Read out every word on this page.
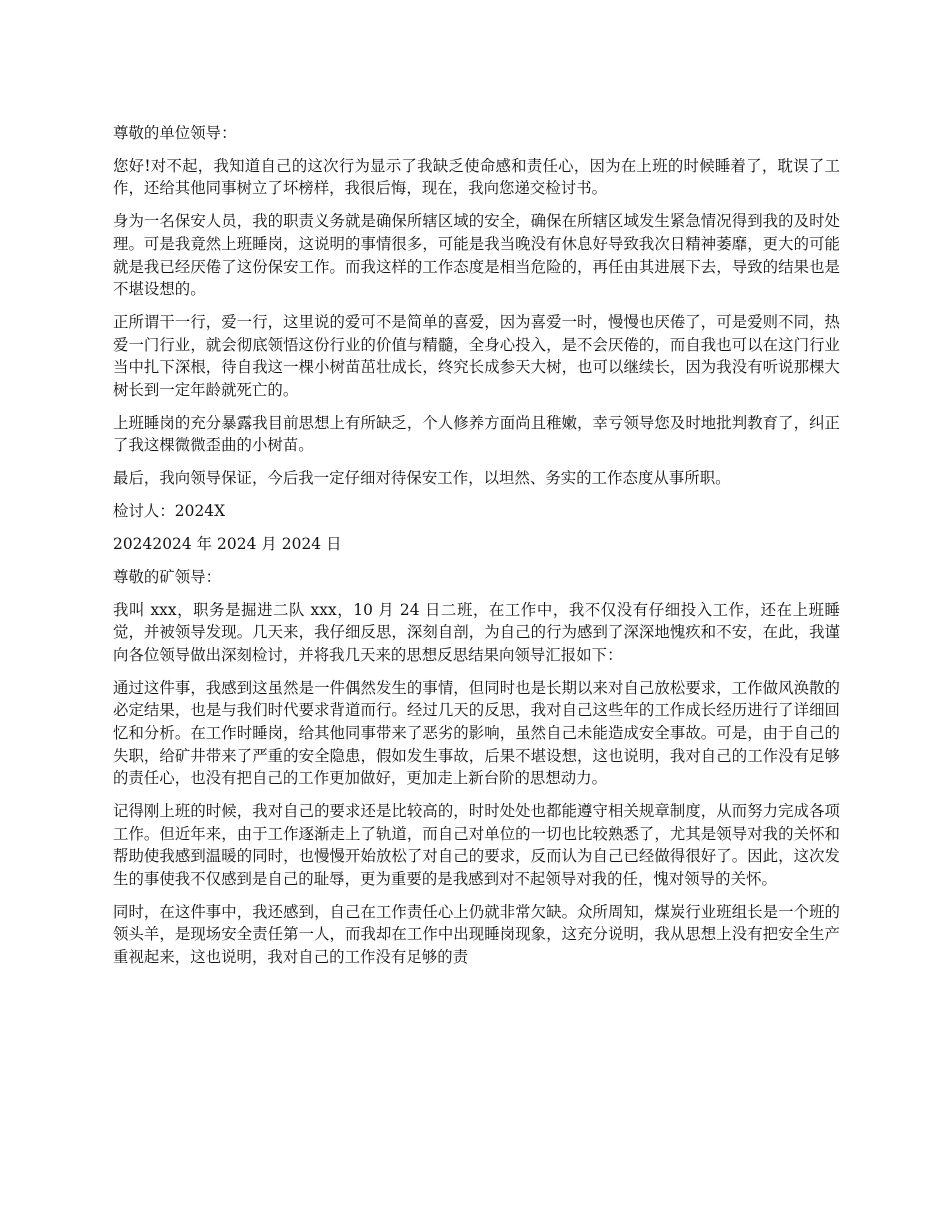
尊敬的单位领导：

您好!对不起，我知道自己的这次行为显示了我缺乏使命感和责任心，因为在上班的时候睡着了，耽误了工作，还给其他同事树立了坏榜样，我很后悔，现在，我向您递交检讨书。

身为一名保安人员，我的职责义务就是确保所辖区域的安全，确保在所辖区域发生紧急情况得到我的及时处理。可是我竟然上班睡岗，这说明的事情很多，可能是我当晚没有休息好导致我次日精神萎靡，更大的可能就是我已经厌倦了这份保安工作。而我这样的工作态度是相当危险的，再任由其进展下去，导致的结果也是不堪设想的。

正所谓干一行，爱一行，这里说的爱可不是简单的喜爱，因为喜爱一时，慢慢也厌倦了，可是爱则不同，热爱一门行业，就会彻底领悟这份行业的价值与精髓，全身心投入，是不会厌倦的，而自我也可以在这门行业当中扎下深根，待自我这一棵小树苗茁壮成长，终究长成参天大树，也可以继续长，因为我没有听说那棵大树长到一定年龄就死亡的。

上班睡岗的充分暴露我目前思想上有所缺乏，个人修养方面尚且稚嫩，幸亏领导您及时地批判教育了，纠正了我这棵微微歪曲的小树苗。

最后，我向领导保证，今后我一定仔细对待保安工作，以坦然、务实的工作态度从事所职。

检讨人：2024X

20242024 年 2024 月 2024 日

尊敬的矿领导：

我叫 xxx，职务是掘进二队 xxx，10 月 24 日二班，在工作中，我不仅没有仔细投入工作，还在上班睡觉，并被领导发现。几天来，我仔细反思，深刻自剖，为自己的行为感到了深深地愧疚和不安，在此，我谨向各位领导做出深刻检讨，并将我几天来的思想反思结果向领导汇报如下：

通过这件事，我感到这虽然是一件偶然发生的事情，但同时也是长期以来对自己放松要求，工作做风涣散的必定结果，也是与我们时代要求背道而行。经过几天的反思，我对自己这些年的工作成长经历进行了详细回忆和分析。在工作时睡岗，给其他同事带来了恶劣的影响，虽然自己未能造成安全事故。可是，由于自己的失职，给矿井带来了严重的安全隐患，假如发生事故，后果不堪设想，这也说明，我对自己的工作没有足够的责任心，也没有把自己的工作更加做好，更加走上新台阶的思想动力。

记得刚上班的时候，我对自己的要求还是比较高的，时时处处也都能遵守相关规章制度，从而努力完成各项工作。但近年来，由于工作逐渐走上了轨道，而自己对单位的一切也比较熟悉了，尤其是领导对我的关怀和帮助使我感到温暖的同时，也慢慢开始放松了对自己的要求，反而认为自己已经做得很好了。因此，这次发生的事使我不仅感到是自己的耻辱，更为重要的是我感到对不起领导对我的任，愧对领导的关怀。

同时，在这件事中，我还感到，自己在工作责任心上仍就非常欠缺。众所周知，煤炭行业班组长是一个班的领头羊，是现场安全责任第一人，而我却在工作中出现睡岗现象，这充分说明，我从思想上没有把安全生产重视起来，这也说明，我对自己的工作没有足够的责
